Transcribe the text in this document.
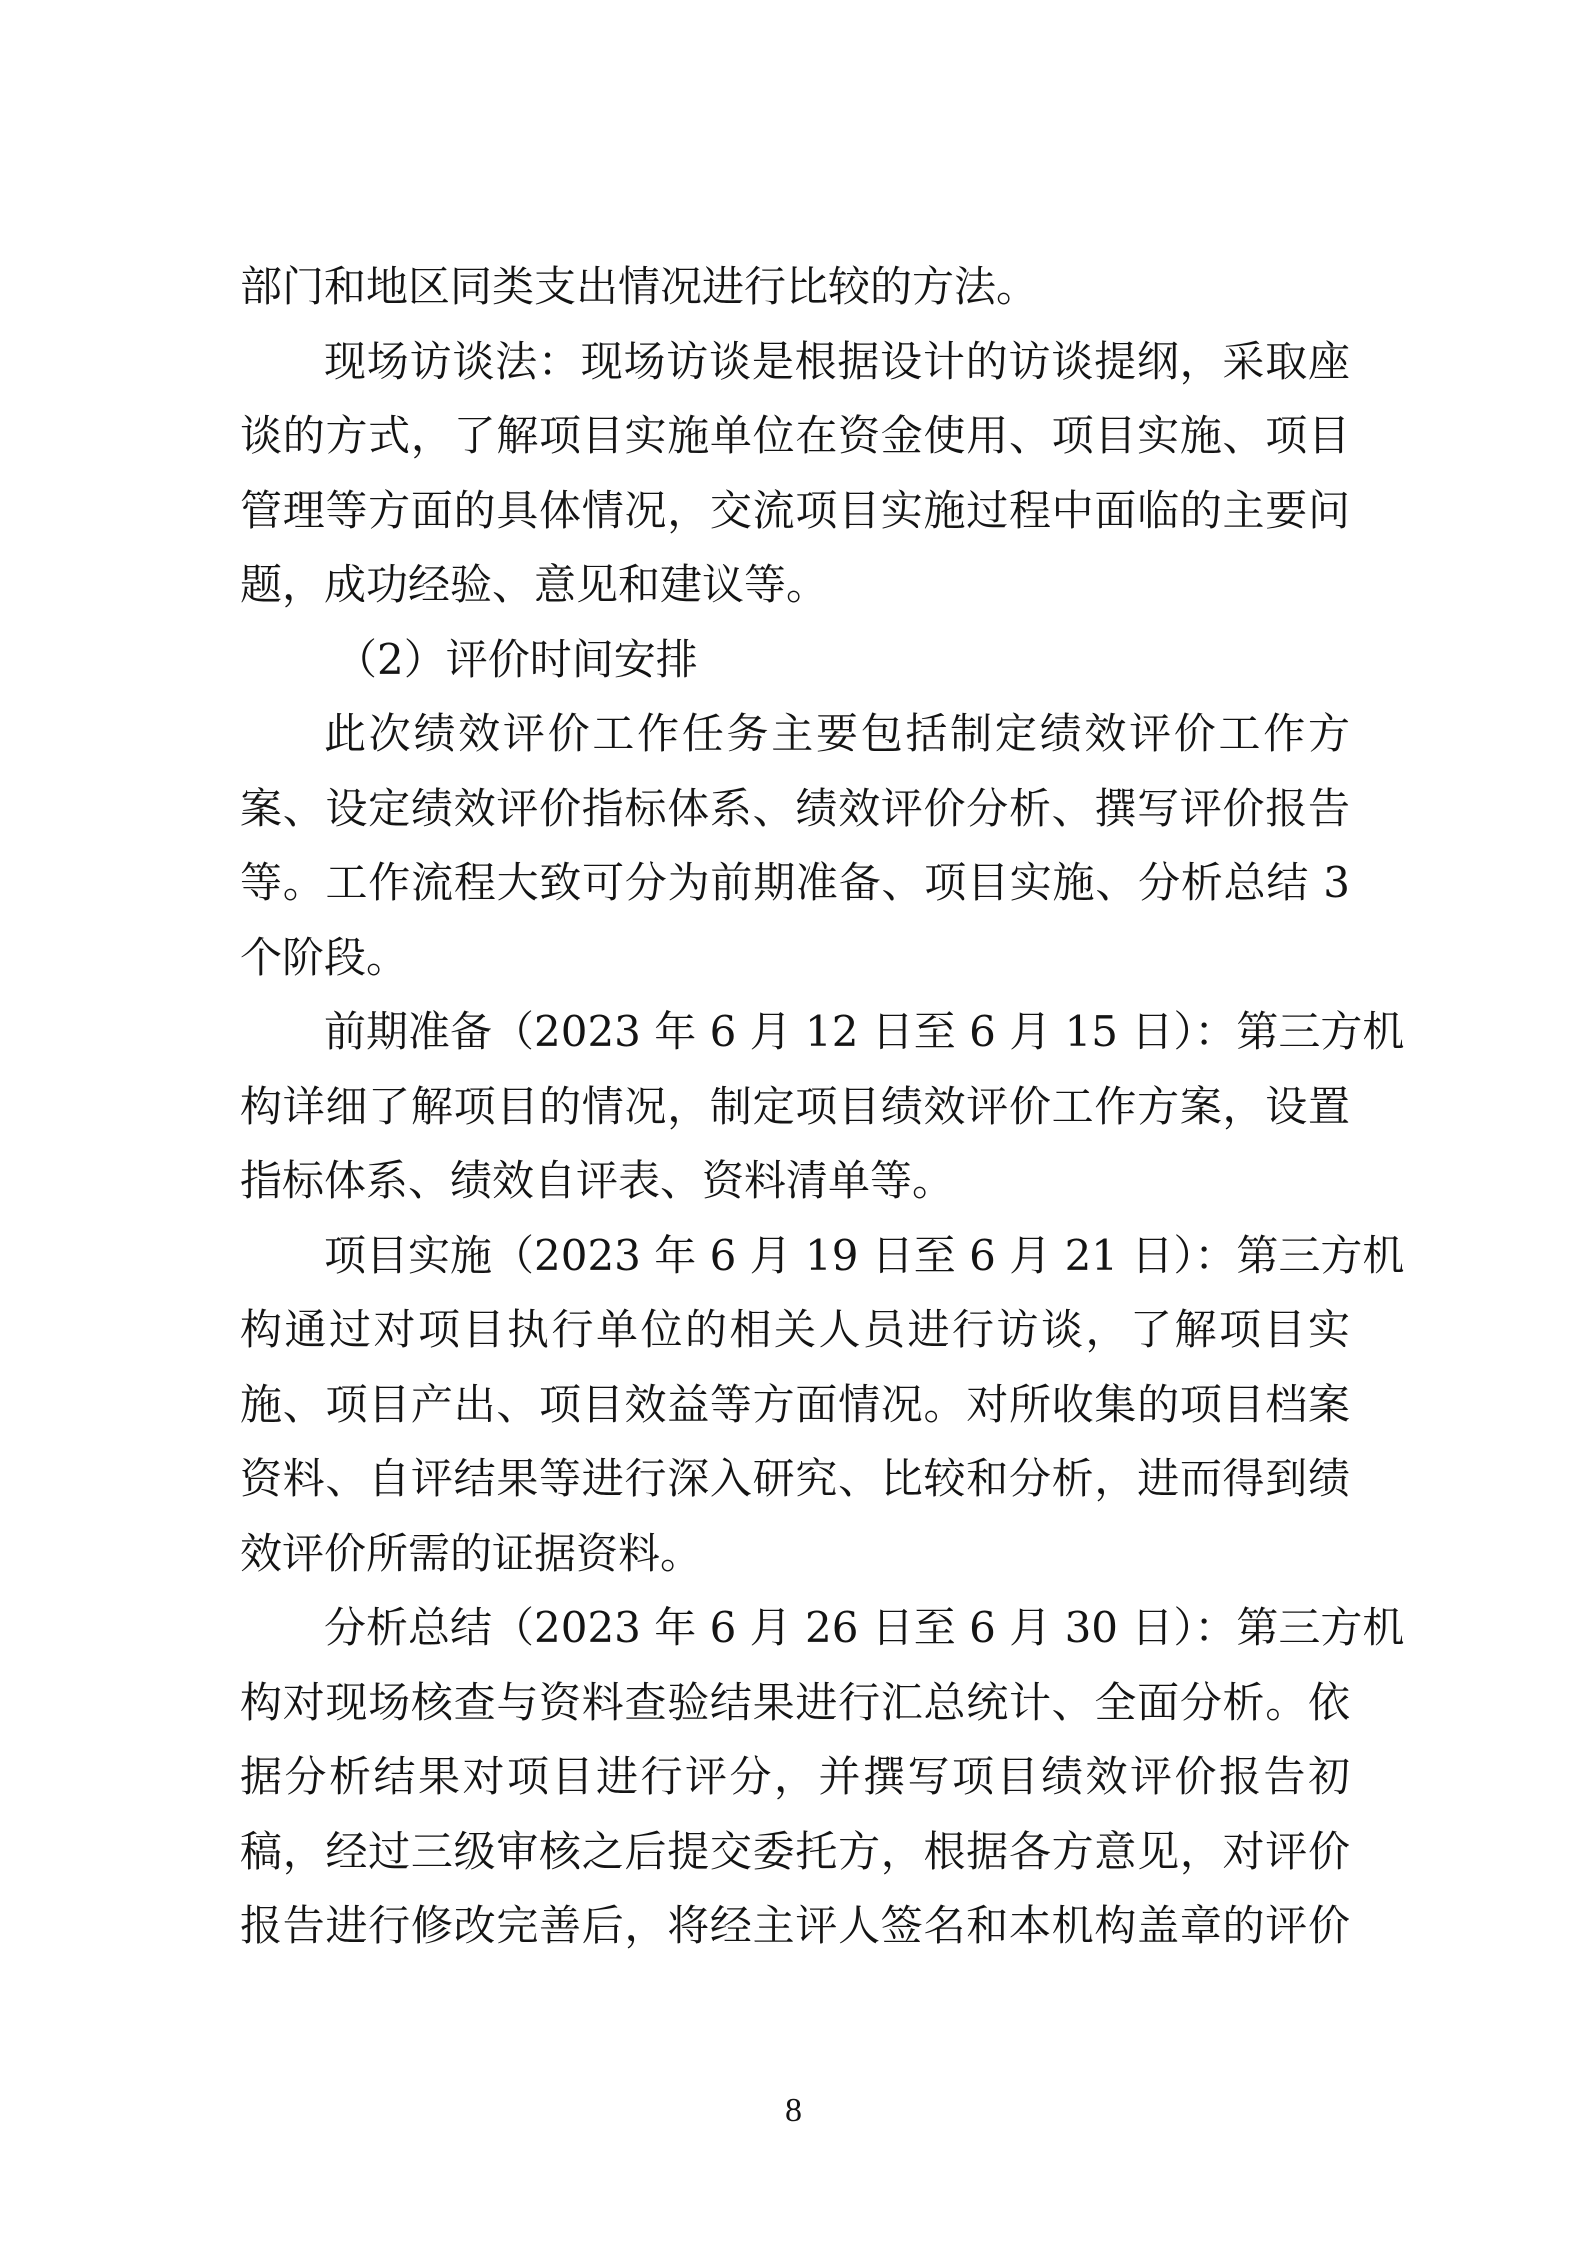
部门和地区同类支出情况进行比较的方法。
现场访谈法：现场访谈是根据设计的访谈提纲，采取座
谈的方式，了解项目实施单位在资金使用、项目实施、项目
管理等方面的具体情况，交流项目实施过程中面临的主要问
题，成功经验、意见和建议等。
（2）评价时间安排
此次绩效评价工作任务主要包括制定绩效评价工作方
案、设定绩效评价指标体系、绩效评价分析、撰写评价报告
等。工作流程大致可分为前期准备、项目实施、分析总结 3
个阶段。
前期准备（2023 年 6 月 12 日至 6 月 15 日）：第三方机
构详细了解项目的情况，制定项目绩效评价工作方案，设置
指标体系、绩效自评表、资料清单等。
项目实施（2023 年 6 月 19 日至 6 月 21 日）：第三方机
构通过对项目执行单位的相关人员进行访谈，了解项目实
施、项目产出、项目效益等方面情况。对所收集的项目档案
资料、自评结果等进行深入研究、比较和分析，进而得到绩
效评价所需的证据资料。
分析总结（2023 年 6 月 26 日至 6 月 30 日）：第三方机
构对现场核查与资料查验结果进行汇总统计、全面分析。依
据分析结果对项目进行评分，并撰写项目绩效评价报告初
稿，经过三级审核之后提交委托方，根据各方意见，对评价
报告进行修改完善后，将经主评人签名和本机构盖章的评价
8
